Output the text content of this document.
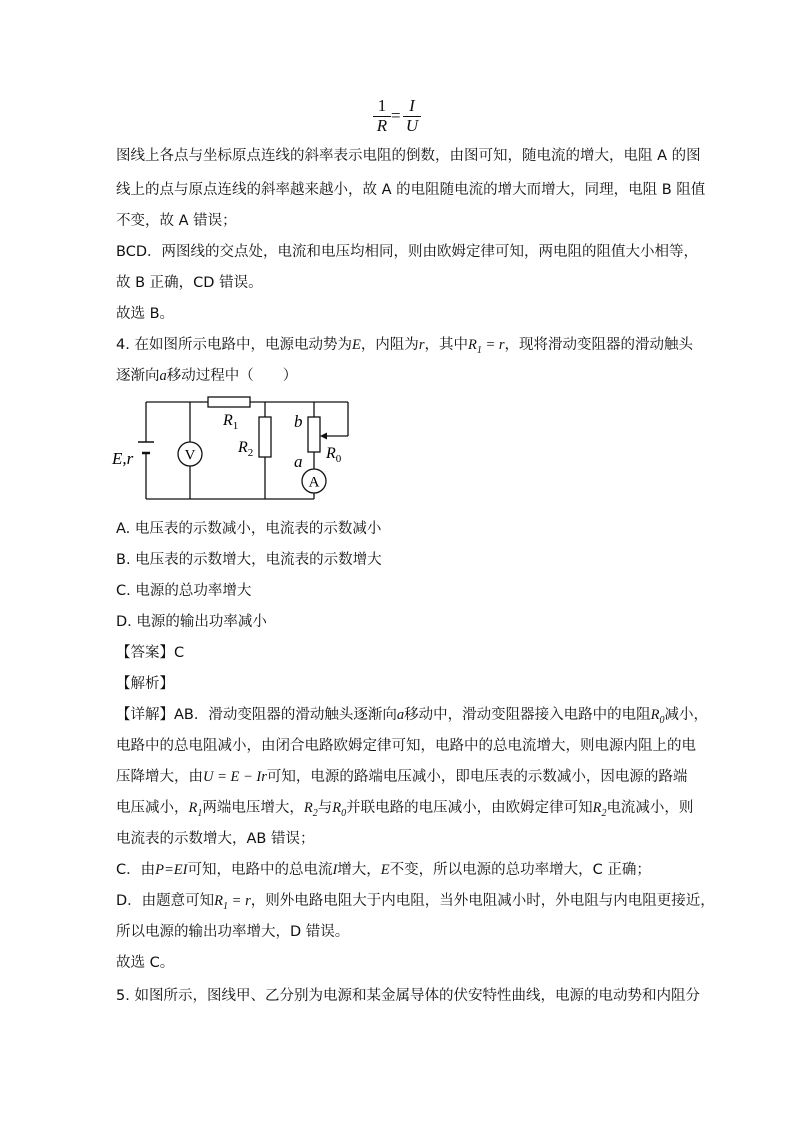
1
R
=
I
U
图线上各点与坐标原点连线的斜率表示电阻的倒数，由图可知，随电流的增大，电阻 A 的图
线上的点与原点连线的斜率越来越小，故 A 的电阻随电流的增大而增大，同理，电阻 B 阻值
不变，故 A 错误；
BCD．两图线的交点处，电流和电压均相同，则由欧姆定律可知，两电阻的阻值大小相等，
故 B 正确，CD 错误。
故选 B。
4. 在如图所示电路中，电源电动势为E，内阻为r，其中$R_1 = r$，现将滑动变阻器的滑动触头
逐渐向a移动过程中（　　）
V
A
$R_1$
$R_2$	$R_0$
b
a
E,r
A. 电压表的示数减小，电流表的示数减小
B. 电压表的示数增大，电流表的示数增大
C. 电源的总功率增大
D. 电源的输出功率减小
【答案】C
【解析】
【详解】AB．滑动变阻器的滑动触头逐渐向a移动中，滑动变阻器接入电路中的电阻$R_0$减小，
电路中的总电阻减小，由闭合电路欧姆定律可知，电路中的总电流增大，则电源内阻上的电
压降增大，由U = E − Ir可知，电源的路端电压减小，即电压表的示数减小，因电源的路端
电压减小，$R_1$两端电压增大，$R_2$与$R_0$并联电路的电压减小，由欧姆定律可知$R_2$电流减小，则
电流表的示数增大，AB 错误；
C．由P=EI可知，电路中的总电流I增大，E不变，所以电源的总功率增大，C 正确；
D．由题意可知$R_1 = r$，则外电路电阻大于内电阻，当外电阻减小时，外电阻与内电阻更接近，
所以电源的输出功率增大，D 错误。
故选 C。
5. 如图所示，图线甲、乙分别为电源和某金属导体的伏安特性曲线，电源的电动势和内阻分
